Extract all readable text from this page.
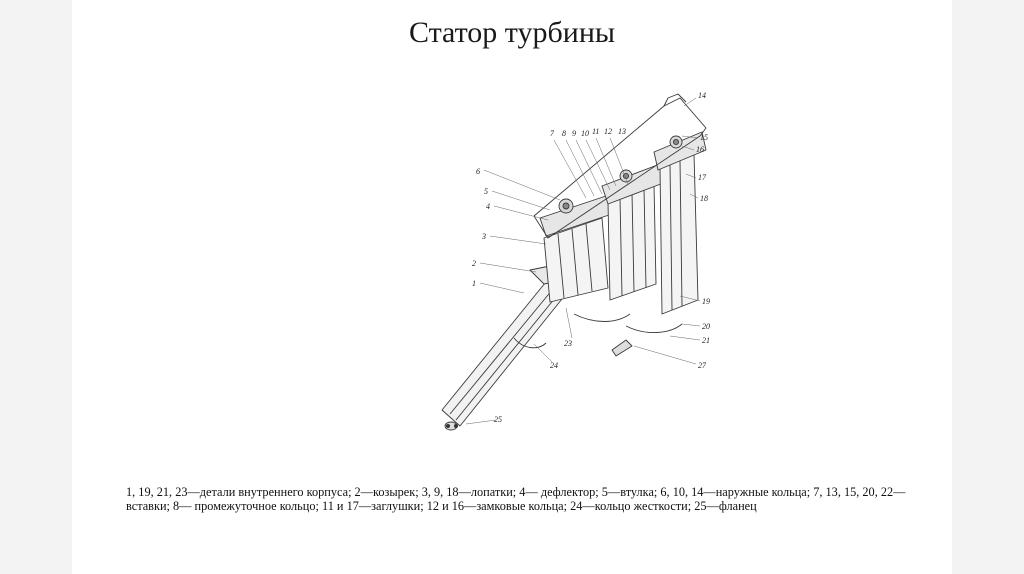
Статор турбины
1
2
3
4
5
6
7 8 9 10 11 12 13
14
15
16
17
18
19
20
21
23
24
25
27
1, 19, 21, 23—детали внутреннего корпуса; 2—козырек; 3, 9, 18—лопатки; 4— дефлектор; 5—втулка; 6, 10, 14—наружные кольца; 7, 13, 15, 20, 22—вставки; 8— промежуточное кольцо; 11 и 17—заглушки; 12 и 16—замковые кольца; 24—кольцо жесткости; 25—фланец
